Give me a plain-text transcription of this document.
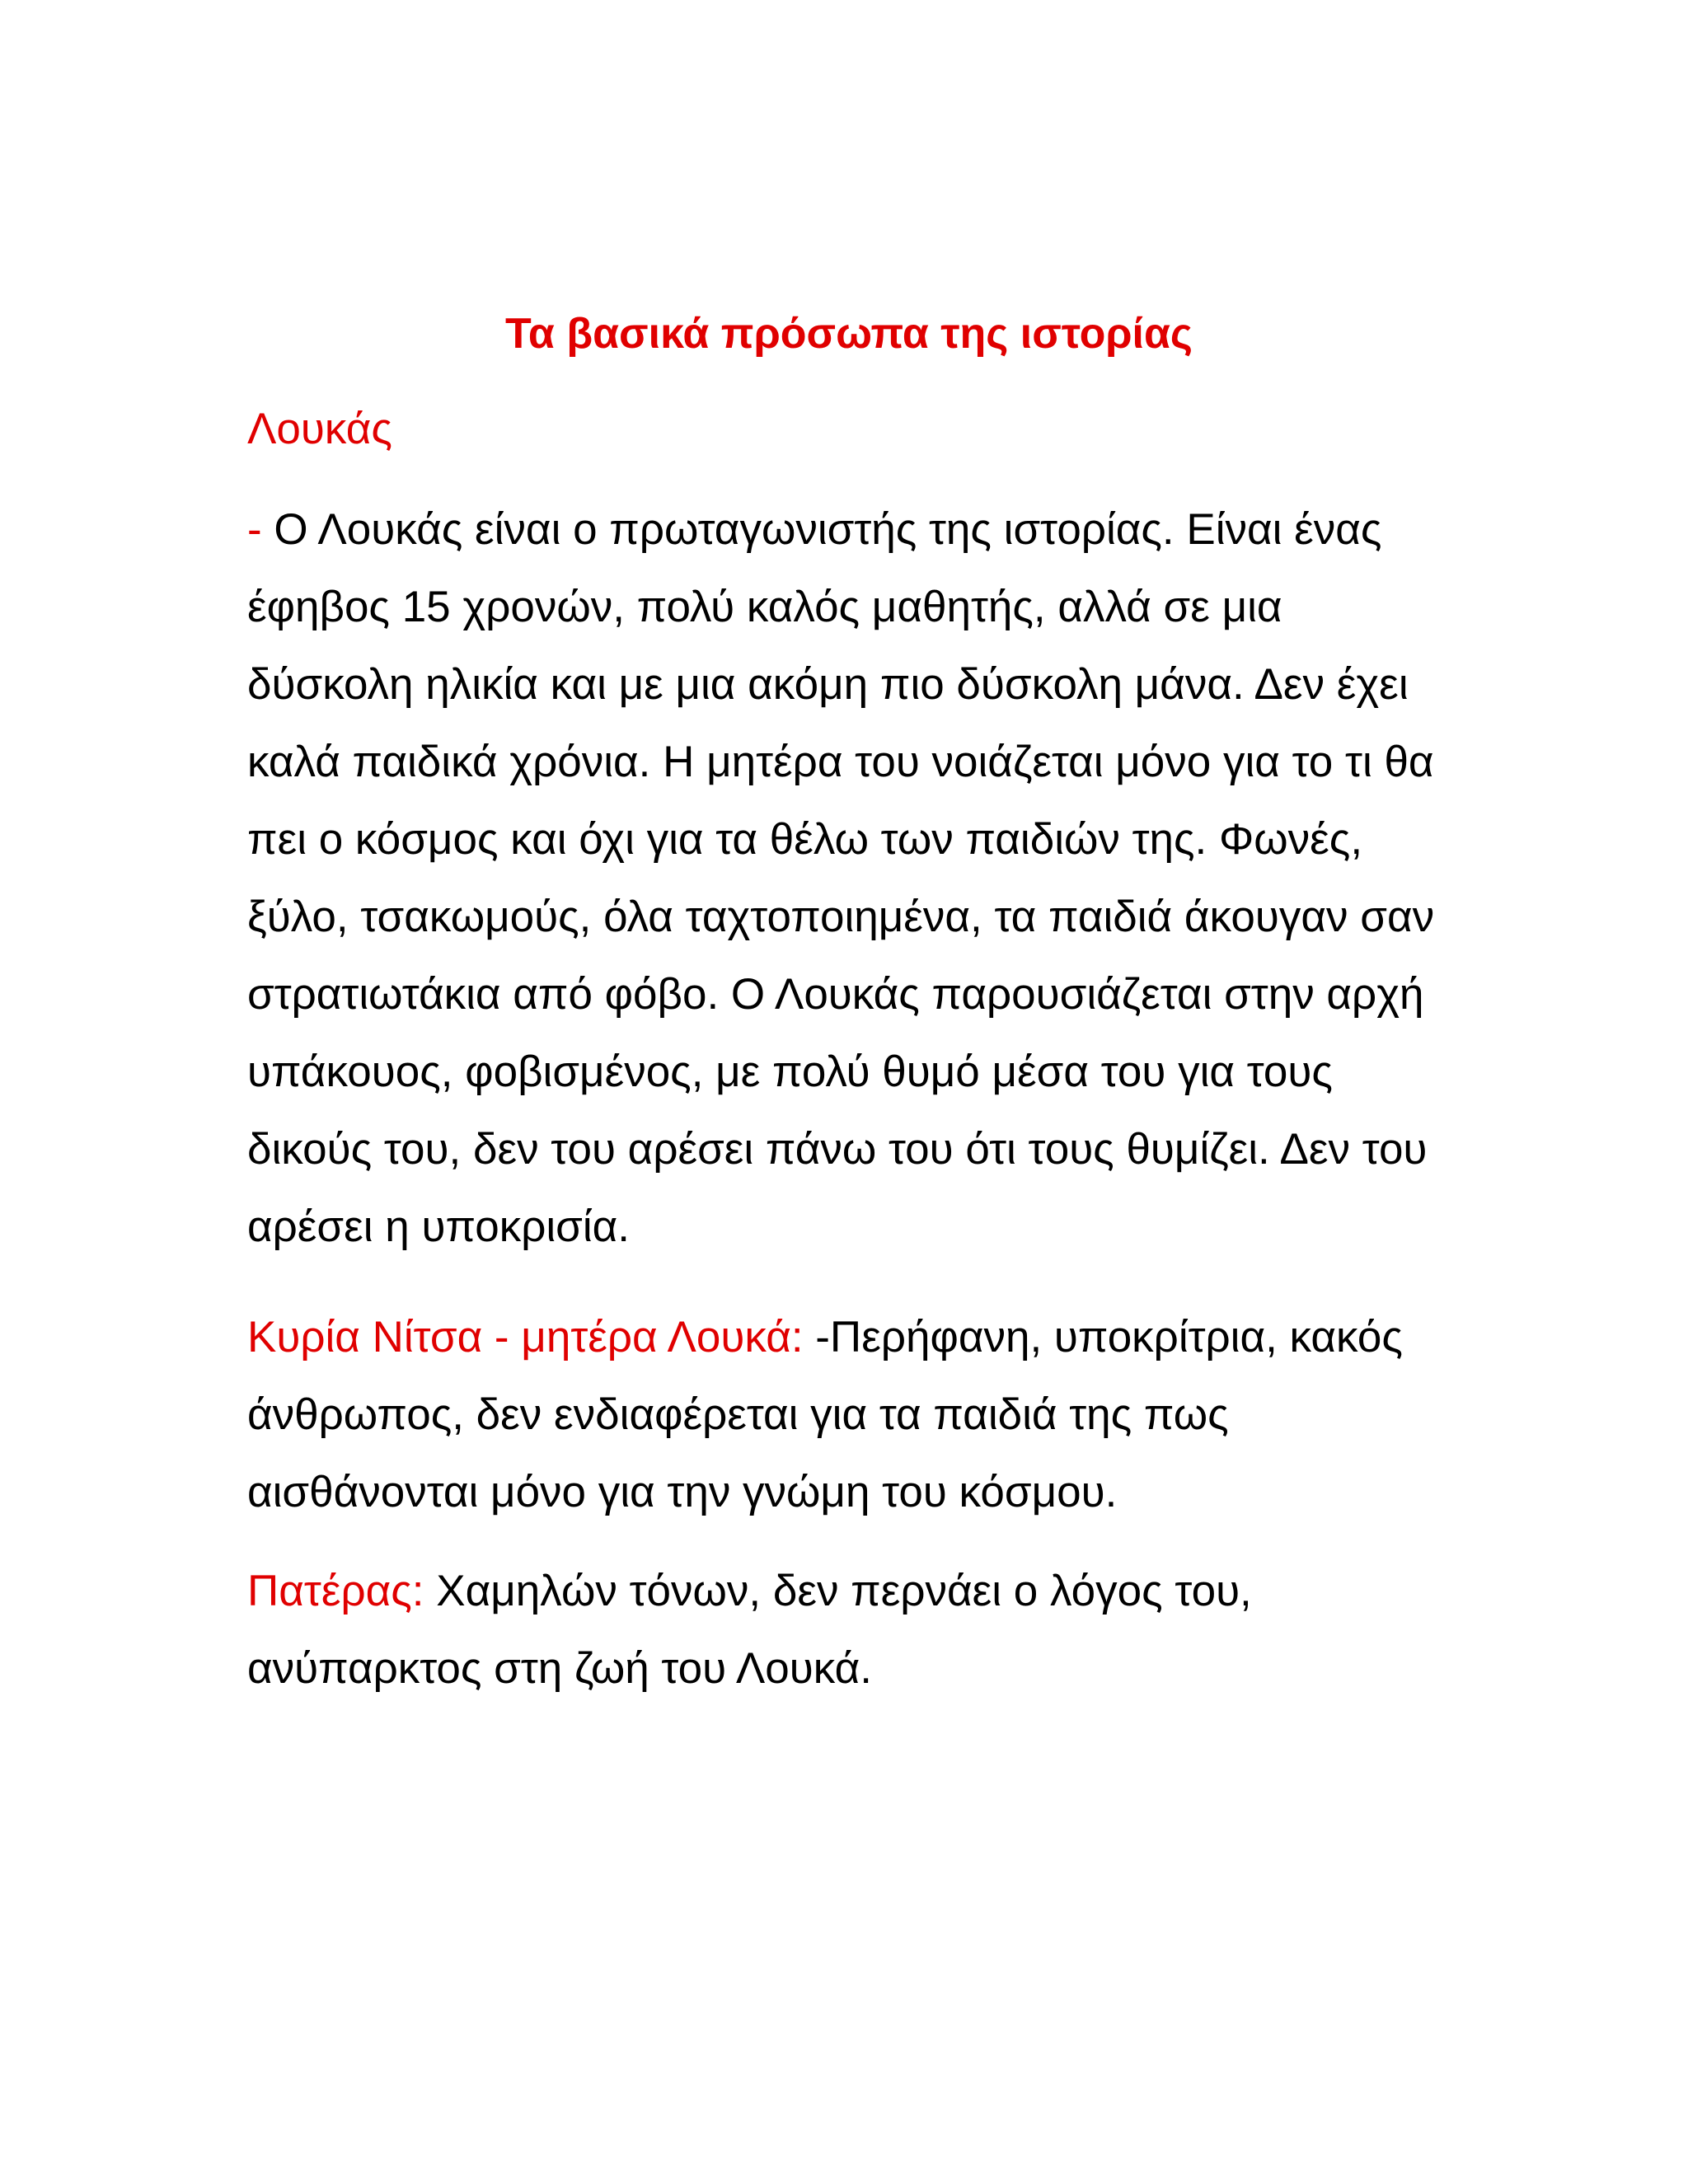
Τα βασικά πρόσωπα της ιστορίας
Λουκάς

- Ο Λουκάς είναι ο πρωταγωνιστής της ιστορίας. Είναι ένας έφηβος 15 χρονών, πολύ καλός μαθητής, αλλά σε μια δύσκολη ηλικία και με μια ακόμη πιο δύσκολη μάνα. Δεν έχει καλά παιδικά χρόνια. Η μητέρα του νοιάζεται μόνο για το τι θα πει ο κόσμος και όχι για τα θέλω των παιδιών της. Φωνές, ξύλο, τσακωμούς, όλα ταχτοποιημένα, τα παιδιά άκουγαν σαν στρατιωτάκια από φόβο. Ο Λουκάς παρουσιάζεται στην αρχή υπάκουος, φοβισμένος, με πολύ θυμό μέσα του για τους δικούς του, δεν του αρέσει πάνω του ότι τους θυμίζει. Δεν του αρέσει η υποκρισία.

Κυρία Νίτσα - μητέρα Λουκά: -Περήφανη, υποκρίτρια, κακός άνθρωπος, δεν ενδιαφέρεται για τα παιδιά της πως αισθάνονται μόνο για την γνώμη του κόσμου.

Πατέρας: Χαμηλών τόνων, δεν περνάει ο λόγος του, ανύπαρκτος στη ζωή του Λουκά.
